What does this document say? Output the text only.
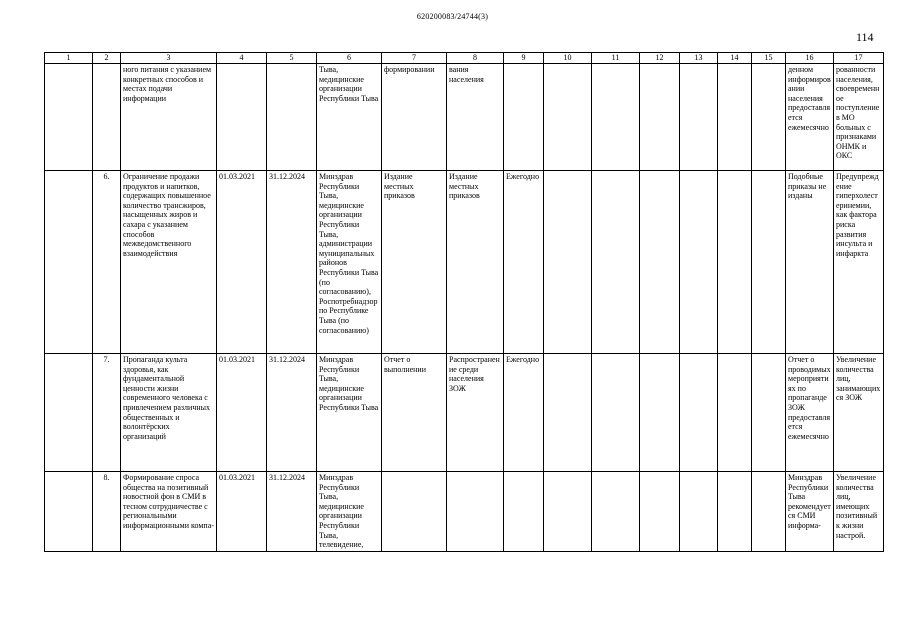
620200083/24744(3)
114
1	2	3	4	5	6	7	8	9	10	11	12	13	14	15	16	17
		ного питания с указанием конкретных способов и местах подачи информации			Тыва, медицинские организации Республики Тыва	формировании	вания населения								денном информировании населения предоставляется ежемесячно	рованности населения, своевременное поступление в МО больных с признаками ОНМК и ОКС
	6.	Ограничение продажи продуктов и напитков, содержащих повышенное количество трансжиров, насыщенных жиров и сахара с указанием способов межведомственного взаимодействия	01.03.2021	31.12.2024	Минздрав Республики Тыва, медицинские организации Республики Тыва, администрации муниципальных районов Республики Тыва (по согласованию), Роспотребнадзор по Республике Тыва (по согласованию)	Издание местных приказов	Издание местных приказов	Ежегодно							Подобные приказы не изданы	Предупреждение гиперхолестеринемии, как фактора риска развития инсульта и инфаркта
	7.	Пропаганда культа здоровья, как фундаментальной ценности жизни современного человека с привлечением различных общественных и волонтёрских организаций	01.03.2021	31.12.2024	Минздрав Республики Тыва, медицинские организации Республики Тыва	Отчет о выполнении	Распространение среди населения ЗОЖ	Ежегодно							Отчет о проводимых мероприятиях по пропаганде ЗОЖ предоставляется ежемесячно	Увеличение количества лиц, занимающихся ЗОЖ
	8.	Формирование спроса общества на позитивный новостной фон в СМИ в тесном сотрудничестве с региональными информационными компа-	01.03.2021	31.12.2024	Минздрав Республики Тыва, медицинские организации Республики Тыва, телевидение,										Минздрав Республики Тыва рекомендуется СМИ информа-	Увеличение количества лиц, имеющих позитивный к жизни настрой.
